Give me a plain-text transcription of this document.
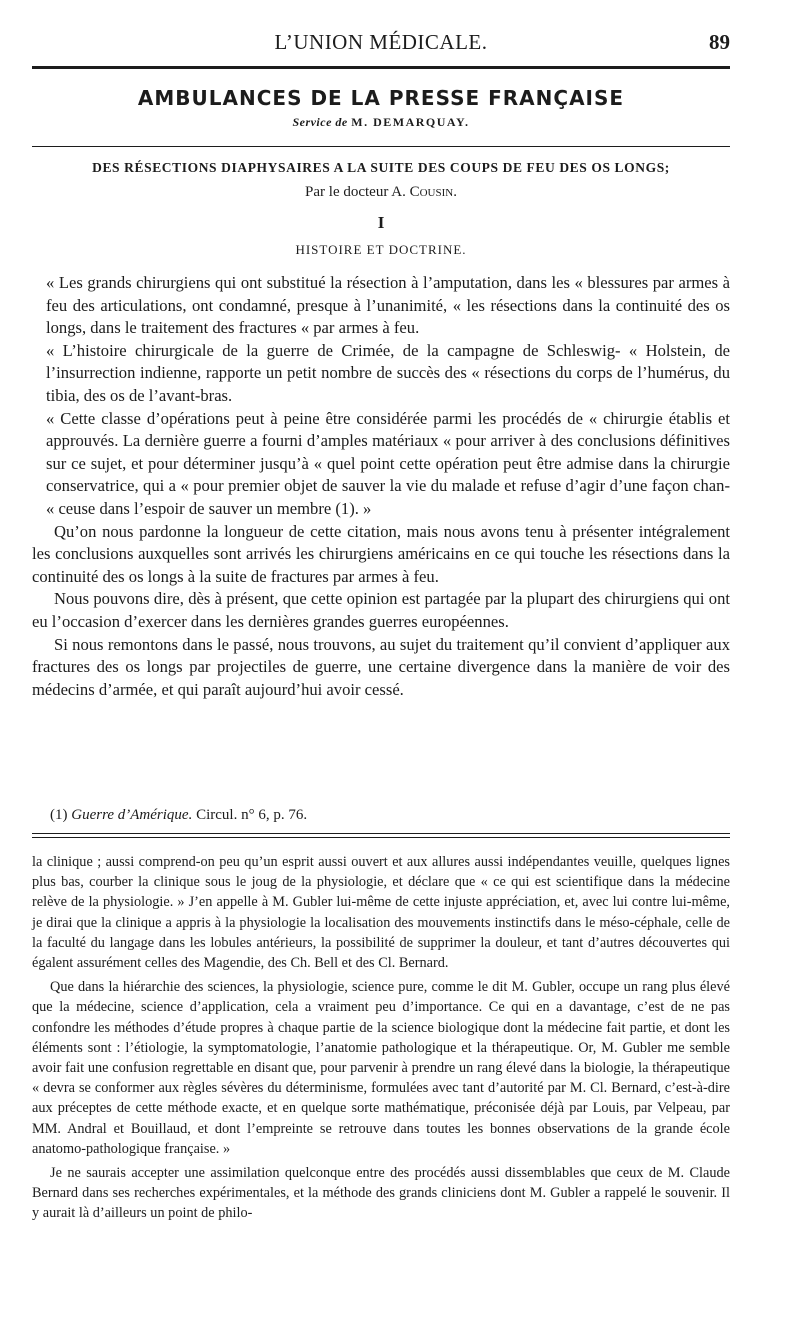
L’UNION MÉDICALE.	89
AMBULANCES DE LA PRESSE FRANÇAISE
Service de M. DEMARQUAY.
DES RÉSECTIONS DIAPHYSAIRES A LA SUITE DES COUPS DE FEU DES OS LONGS;
Par le docteur A. Cousin.
I
HISTOIRE ET DOCTRINE.

« Les grands chirurgiens qui ont substitué la résection à l’amputation, dans les « blessures par armes à feu des articulations, ont condamné, presque à l’unanimité, « les résections dans la continuité des os longs, dans le traitement des fractures « par armes à feu.

« L’histoire chirurgicale de la guerre de Crimée, de la campagne de Schleswig- « Holstein, de l’insurrection indienne, rapporte un petit nombre de succès des « résections du corps de l’humérus, du tibia, des os de l’avant-bras.

« Cette classe d’opérations peut à peine être considérée parmi les procédés de « chirurgie établis et approuvés. La dernière guerre a fourni d’amples matériaux « pour arriver à des conclusions définitives sur ce sujet, et pour déterminer jusqu’à « quel point cette opération peut être admise dans la chirurgie conservatrice, qui a « pour premier objet de sauver la vie du malade et refuse d’agir d’une façon chan- « ceuse dans l’espoir de sauver un membre (1). »

Qu’on nous pardonne la longueur de cette citation, mais nous avons tenu à présenter intégralement les conclusions auxquelles sont arrivés les chirurgiens américains en ce qui touche les résections dans la continuité des os longs à la suite de fractures par armes à feu.

Nous pouvons dire, dès à présent, que cette opinion est partagée par la plupart des chirurgiens qui ont eu l’occasion d’exercer dans les dernières grandes guerres européennes.

Si nous remontons dans le passé, nous trouvons, au sujet du traitement qu’il convient d’appliquer aux fractures des os longs par projectiles de guerre, une certaine divergence dans la manière de voir des médecins d’armée, et qui paraît aujourd’hui avoir cessé.

(1) Guerre d’Amérique. Circul. n° 6, p. 76.

la clinique ; aussi comprend-on peu qu’un esprit aussi ouvert et aux allures aussi indépendantes veuille, quelques lignes plus bas, courber la clinique sous le joug de la physiologie, et déclare que « ce qui est scientifique dans la médecine relève de la physiologie. » J’en appelle à M. Gubler lui-même de cette injuste appréciation, et, avec lui contre lui-même, je dirai que la clinique a appris à la physiologie la localisation des mouvements instinctifs dans le méso-céphale, celle de la faculté du langage dans les lobules antérieurs, la possibilité de supprimer la douleur, et tant d’autres découvertes qui égalent assurément celles des Magendie, des Ch. Bell et des Cl. Bernard.

Que dans la hiérarchie des sciences, la physiologie, science pure, comme le dit M. Gubler, occupe un rang plus élevé que la médecine, science d’application, cela a vraiment peu d’importance. Ce qui en a davantage, c’est de ne pas confondre les méthodes d’étude propres à chaque partie de la science biologique dont la médecine fait partie, et dont les éléments sont : l’étiologie, la symptomatologie, l’anatomie pathologique et la thérapeutique. Or, M. Gubler me semble avoir fait une confusion regrettable en disant que, pour parvenir à prendre un rang élevé dans la biologie, la thérapeutique « devra se conformer aux règles sévères du déterminisme, formulées avec tant d’autorité par M. Cl. Bernard, c’est-à-dire aux préceptes de cette méthode exacte, et en quelque sorte mathématique, préconisée déjà par Louis, par Velpeau, par MM. Andral et Bouillaud, et dont l’empreinte se retrouve dans toutes les bonnes observations de la grande école anatomo-pathologique française. »

Je ne saurais accepter une assimilation quelconque entre des procédés aussi dissemblables que ceux de M. Claude Bernard dans ses recherches expérimentales, et la méthode des grands cliniciens dont M. Gubler a rappelé le souvenir. Il y aurait là d’ailleurs un point de philo-
